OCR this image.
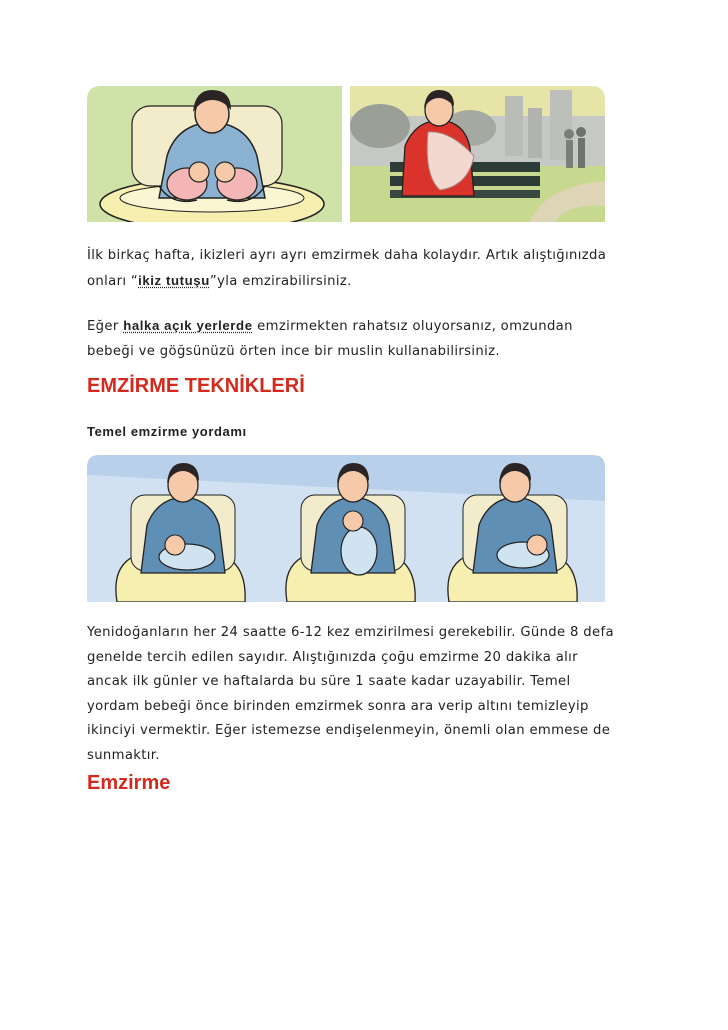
İlk birkaç hafta, ikizleri ayrı ayrı emzirmek daha kolaydır. Artık alıştığınızda
onları “ikiz tutuşu”yla emzirabilirsiniz.

Eğer halka açık yerlerde emzirmekten rahatsız oluyorsanız, omzundan
bebeği ve göğsünüzü örten ince bir muslin kullanabilirsiniz.

EMZİRME TEKNİKLERİ
Temel emzirme yordamı

Yenidoğanların her 24 saatte 6-12 kez emzirilmesi gerekebilir. Günde 8 defa
genelde tercih edilen sayıdır. Alıştığınızda çoğu emzirme 20 dakika alır
ancak ilk günler ve haftalarda bu süre 1 saate kadar uzayabilir. Temel
yordam bebeği önce birinden emzirmek sonra ara verip altını temizleyip
ikinciyi vermektir. Eğer istemezse endişelenmeyin, önemli olan emmese de
sunmaktır.

Emzirme
